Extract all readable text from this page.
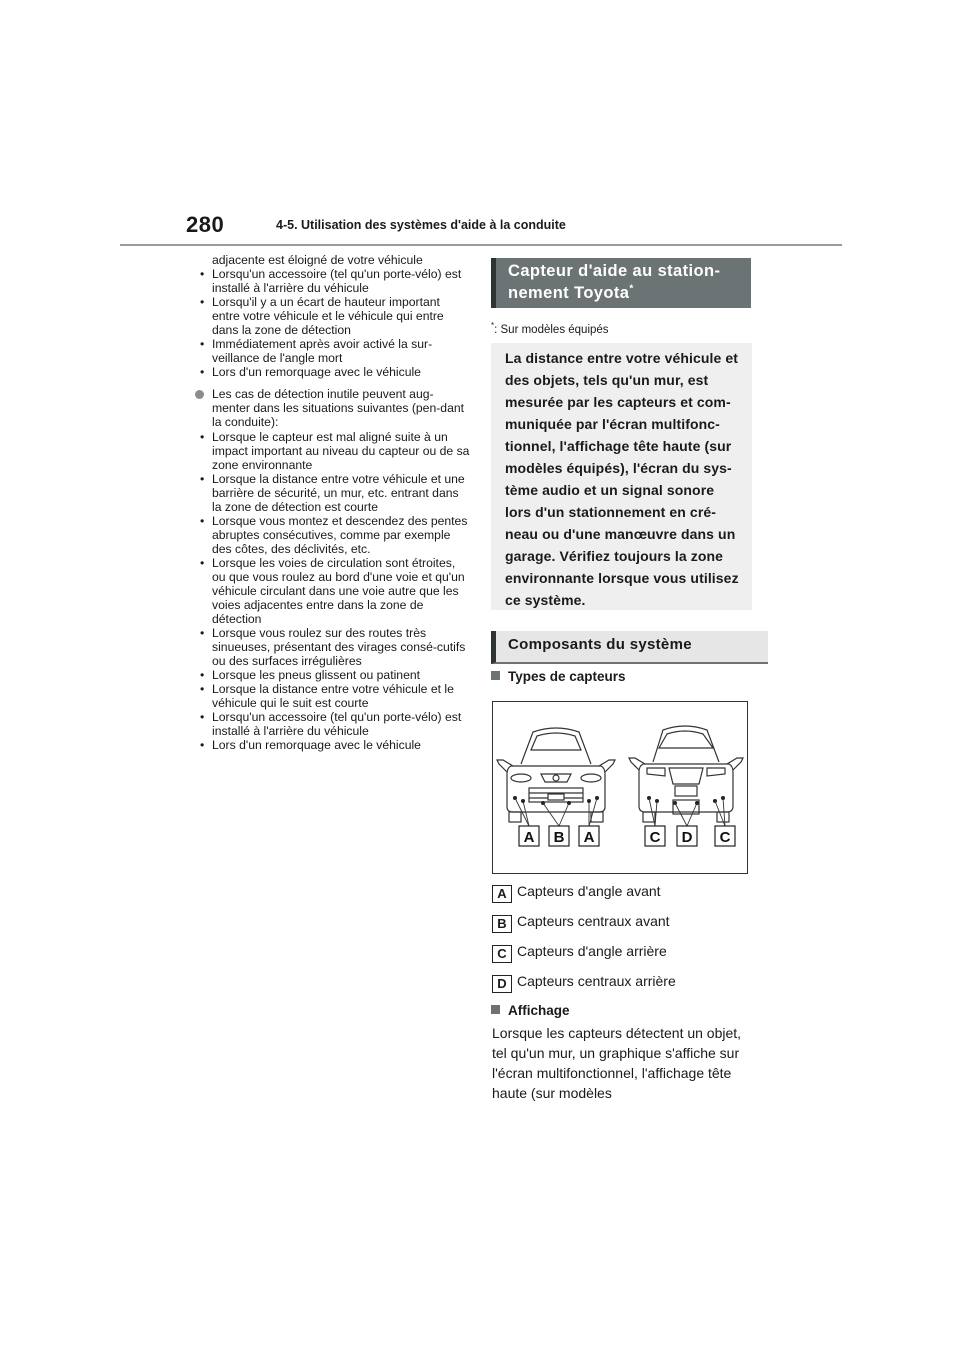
280	4-5. Utilisation des systèmes d'aide à la conduite

adjacente est éloigné de votre véhicule

• Lorsqu'un accessoire (tel qu'un porte-vélo) est installé à l'arrière du véhicule

• Lorsqu'il y a un écart de hauteur important entre votre véhicule et le véhicule qui entre dans la zone de détection

• Immédiatement après avoir activé la sur-veillance de l'angle mort

• Lors d'un remorquage avec le véhicule

Les cas de détection inutile peuvent aug-menter dans les situations suivantes (pen-dant la conduite):

• Lorsque le capteur est mal aligné suite à un impact important au niveau du capteur ou de sa zone environnante

• Lorsque la distance entre votre véhicule et une barrière de sécurité, un mur, etc. entrant dans la zone de détection est courte

• Lorsque vous montez et descendez des pentes abruptes consécutives, comme par exemple des côtes, des déclivités, etc.

• Lorsque les voies de circulation sont étroites, ou que vous roulez au bord d'une voie et qu'un véhicule circulant dans une voie autre que les voies adjacentes entre dans la zone de détection

• Lorsque vous roulez sur des routes très sinueuses, présentant des virages consé-cutifs ou des surfaces irrégulières

• Lorsque les pneus glissent ou patinent

• Lorsque la distance entre votre véhicule et le véhicule qui le suit est courte

• Lorsqu'un accessoire (tel qu'un porte-vélo) est installé à l'arrière du véhicule

• Lors d'un remorquage avec le véhicule

Capteur d'aide au station-nement Toyota*
*: Sur modèles équipés
La distance entre votre véhicule et des objets, tels qu'un mur, est mesurée par les capteurs et com-muniquée par l'écran multifonc-tionnel, l'affichage tête haute (sur modèles équipés), l'écran du sys-tème audio et un signal sonore lors d'un stationnement en cré-neau ou d'une manœuvre dans un garage. Vérifiez toujours la zone environnante lorsque vous utilisez ce système.
Composants du système
Types de capteurs
A B A	C D C
A Capteurs d'angle avant
B Capteurs centraux avant
C Capteurs d'angle arrière
D Capteurs centraux arrière
Affichage
Lorsque les capteurs détectent un objet, tel qu'un mur, un graphique s'affiche sur l'écran multifonctionnel, l'affichage tête haute (sur modèles
